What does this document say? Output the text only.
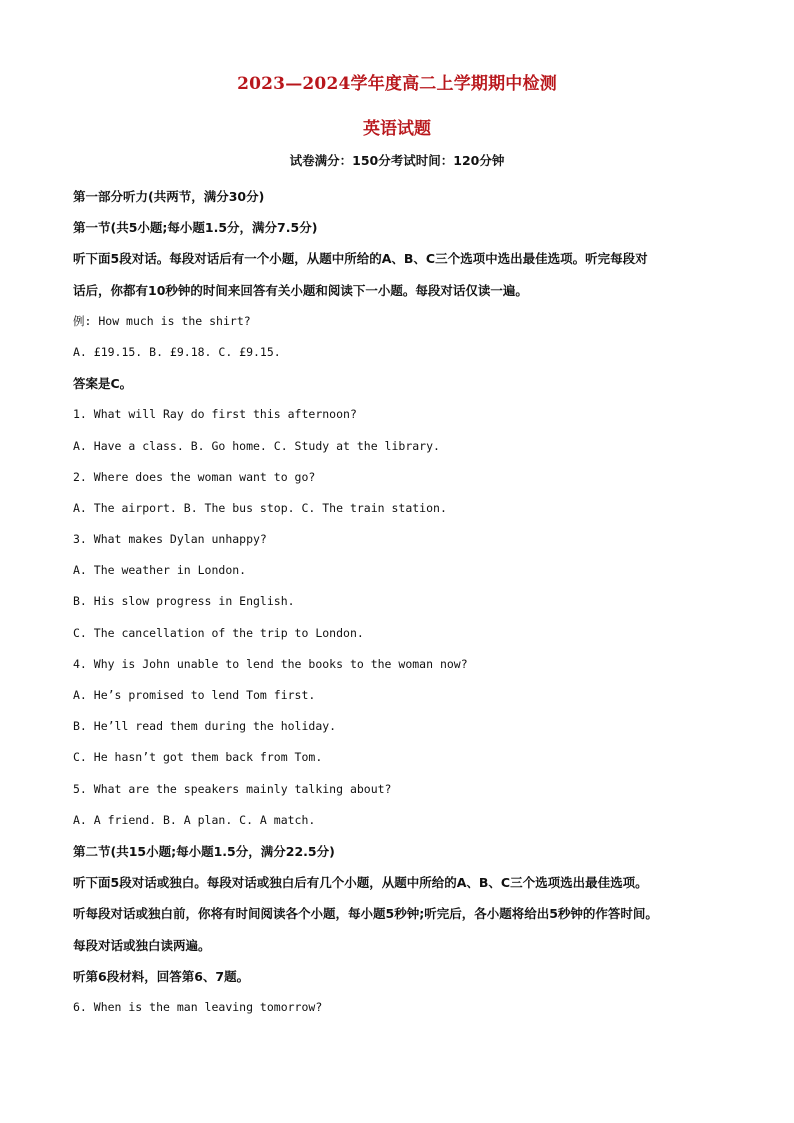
2023—2024学年度高二上学期期中检测
英语试题
试卷满分：150分考试时间：120分钟
第一部分听力(共两节，满分30分)
第一节(共5小题;每小题1.5分，满分7.5分)
听下面5段对话。每段对话后有一个小题，从题中所给的A、B、C三个选项中选出最佳选项。听完每段对
话后，你都有10秒钟的时间来回答有关小题和阅读下一小题。每段对话仅读一遍。
例: How much is the shirt?
A. £19.15. B. £9.18. C. £9.15.
答案是C。
1. What will Ray do first this afternoon?
A. Have a class. B. Go home. C. Study at the library.
2. Where does the woman want to go?
A. The airport. B. The bus stop. C. The train station.
3. What makes Dylan unhappy?
A. The weather in London.
B. His slow progress in English.
C. The cancellation of the trip to London.
4. Why is John unable to lend the books to the woman now?
A. He’s promised to lend Tom first.
B. He’ll read them during the holiday.
C. He hasn’t got them back from Tom.
5. What are the speakers mainly talking about?
A. A friend. B. A plan. C. A match.
第二节(共15小题;每小题1.5分，满分22.5分)
听下面5段对话或独白。每段对话或独白后有几个小题，从题中所给的A、B、C三个选项选出最佳选项。
听每段对话或独白前，你将有时间阅读各个小题，每小题5秒钟;听完后，各小题将给出5秒钟的作答时间。
每段对话或独白读两遍。
听第6段材料，回答第6、7题。
6. When is the man leaving tomorrow?
